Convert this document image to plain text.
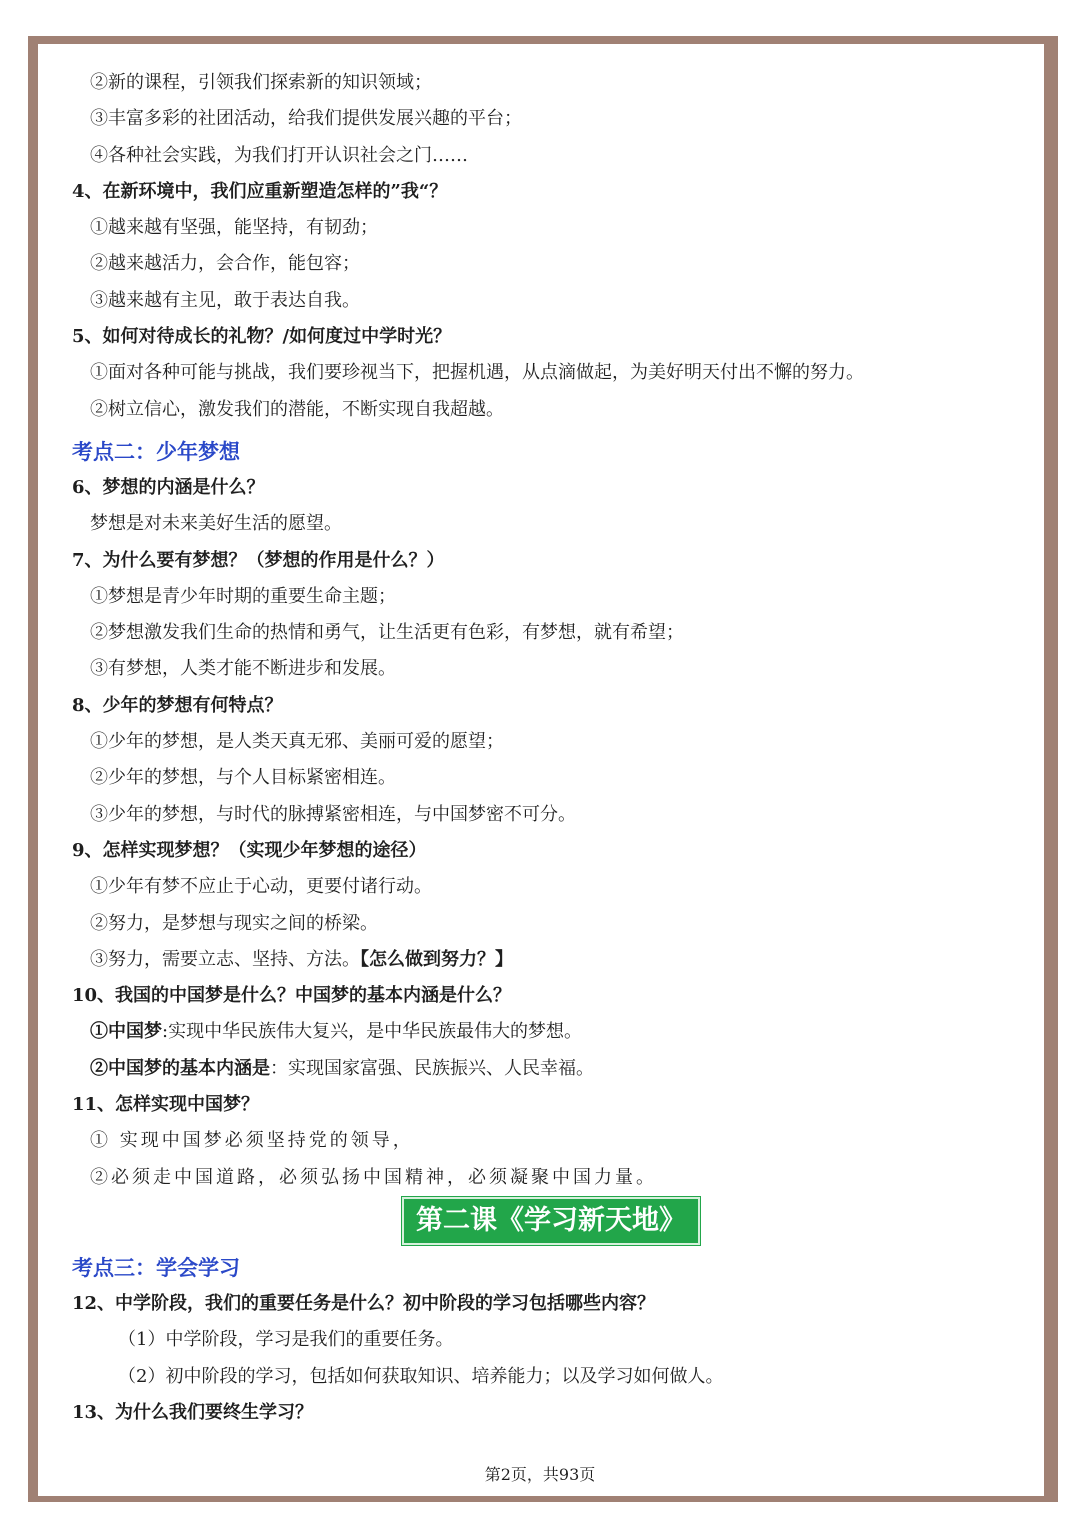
②新的课程，引领我们探索新的知识领域；
③丰富多彩的社团活动，给我们提供发展兴趣的平台；
④各种社会实践，为我们打开认识社会之门……
4、在新环境中，我们应重新塑造怎样的”我“？
①越来越有坚强，能坚持，有韧劲；
②越来越活力，会合作，能包容；
③越来越有主见，敢于表达自我。
5、如何对待成长的礼物？/如何度过中学时光？
①面对各种可能与挑战，我们要珍视当下，把握机遇，从点滴做起，为美好明天付出不懈的努力。
②树立信心，激发我们的潜能，不断实现自我超越。
考点二：少年梦想
6、梦想的内涵是什么？
梦想是对未来美好生活的愿望。
7、为什么要有梦想？（梦想的作用是什么？）
①梦想是青少年时期的重要生命主题；
②梦想激发我们生命的热情和勇气，让生活更有色彩，有梦想，就有希望；
③有梦想，人类才能不断进步和发展。
8、少年的梦想有何特点？
①少年的梦想，是人类天真无邪、美丽可爱的愿望；
②少年的梦想，与个人目标紧密相连。
③少年的梦想，与时代的脉搏紧密相连，与中国梦密不可分。
9、怎样实现梦想？（实现少年梦想的途径）
①少年有梦不应止于心动，更要付诸行动。
②努力，是梦想与现实之间的桥梁。
③努力，需要立志、坚持、方法。【怎么做到努力？】
10、我国的中国梦是什么？中国梦的基本内涵是什么？
①中国梦:实现中华民族伟大复兴，是中华民族最伟大的梦想。
②中国梦的基本内涵是：实现国家富强、民族振兴、人民幸福。
11、怎样实现中国梦？
① 实现中国梦必须坚持党的领导，
②必须走中国道路，必须弘扬中国精神，必须凝聚中国力量。
第二课《学习新天地》
考点三：学会学习
12、中学阶段，我们的重要任务是什么？初中阶段的学习包括哪些内容？
（1）中学阶段，学习是我们的重要任务。
（2）初中阶段的学习，包括如何获取知识、培养能力；以及学习如何做人。
13、为什么我们要终生学习？
第2页，共93页
